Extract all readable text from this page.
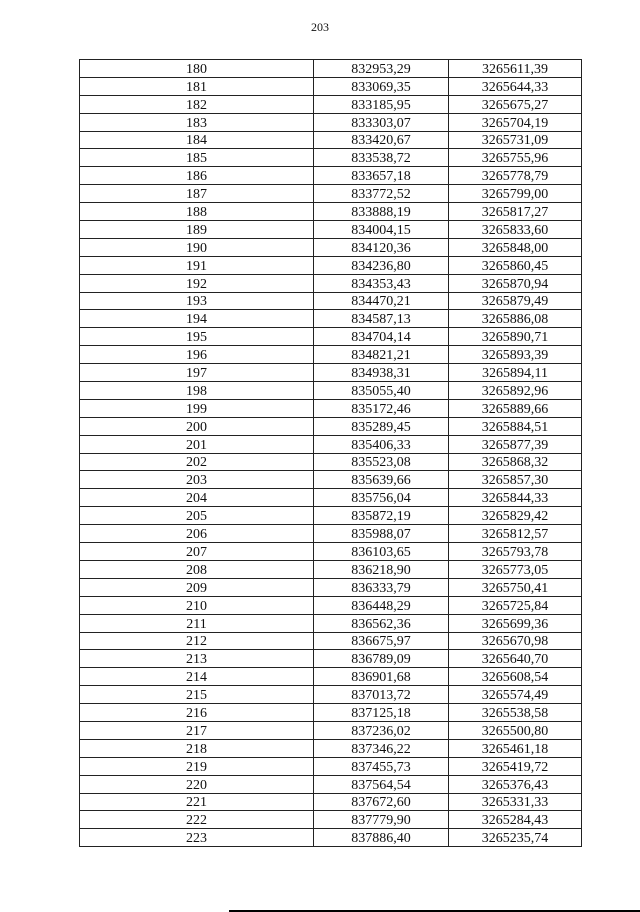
203
180	832953,29	3265611,39
181	833069,35	3265644,33
182	833185,95	3265675,27
183	833303,07	3265704,19
184	833420,67	3265731,09
185	833538,72	3265755,96
186	833657,18	3265778,79
187	833772,52	3265799,00
188	833888,19	3265817,27
189	834004,15	3265833,60
190	834120,36	3265848,00
191	834236,80	3265860,45
192	834353,43	3265870,94
193	834470,21	3265879,49
194	834587,13	3265886,08
195	834704,14	3265890,71
196	834821,21	3265893,39
197	834938,31	3265894,11
198	835055,40	3265892,96
199	835172,46	3265889,66
200	835289,45	3265884,51
201	835406,33	3265877,39
202	835523,08	3265868,32
203	835639,66	3265857,30
204	835756,04	3265844,33
205	835872,19	3265829,42
206	835988,07	3265812,57
207	836103,65	3265793,78
208	836218,90	3265773,05
209	836333,79	3265750,41
210	836448,29	3265725,84
211	836562,36	3265699,36
212	836675,97	3265670,98
213	836789,09	3265640,70
214	836901,68	3265608,54
215	837013,72	3265574,49
216	837125,18	3265538,58
217	837236,02	3265500,80
218	837346,22	3265461,18
219	837455,73	3265419,72
220	837564,54	3265376,43
221	837672,60	3265331,33
222	837779,90	3265284,43
223	837886,40	3265235,74
